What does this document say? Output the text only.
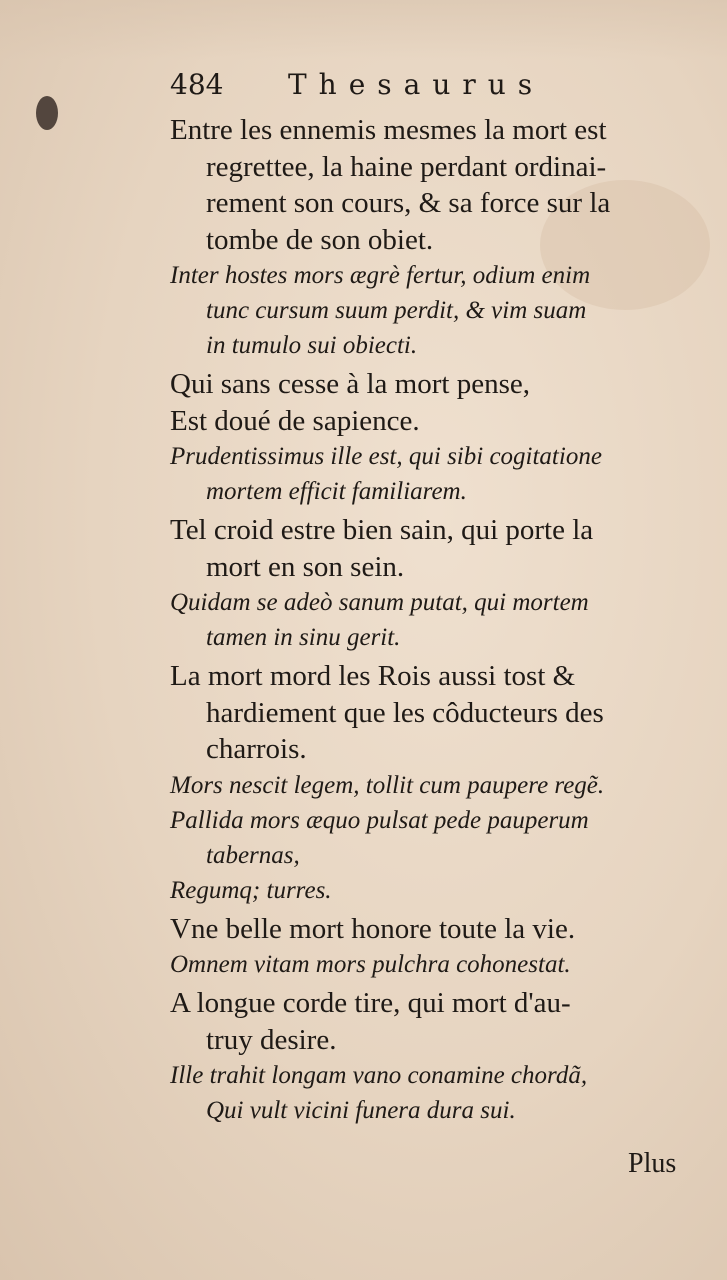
484 Thesaurus

Entre les ennemis mesmes la mort est
regrettee, la haine perdant ordinai-
rement son cours, & sa force sur la
tombe de son obiet.

Inter hostes mors ægrè fertur, odium enim
tunc cursum suum perdit, & vim suam
in tumulo sui obiecti.

Qui sans cesse à la mort pense,
Est doué de sapience.

Prudentissimus ille est, qui sibi cogitatione
mortem efficit familiarem.

Tel croid estre bien sain, qui porte la
mort en son sein.

Quidam se adeò sanum putat, qui mortem
tamen in sinu gerit.

La mort mord les Rois aussi tost &
hardiement que les côducteurs des
charrois.

Mors nescit legem, tollit cum paupere regẽ.

Pallida mors æquo pulsat pede pauperum
tabernas,

Regumq; turres.

Vne belle mort honore toute la vie.

Omnem vitam mors pulchra cohonestat.

A longue corde tire, qui mort d'au-
truy desire.

Ille trahit longam vano conamine chordã,
Qui vult vicini funera dura sui.

Plus
